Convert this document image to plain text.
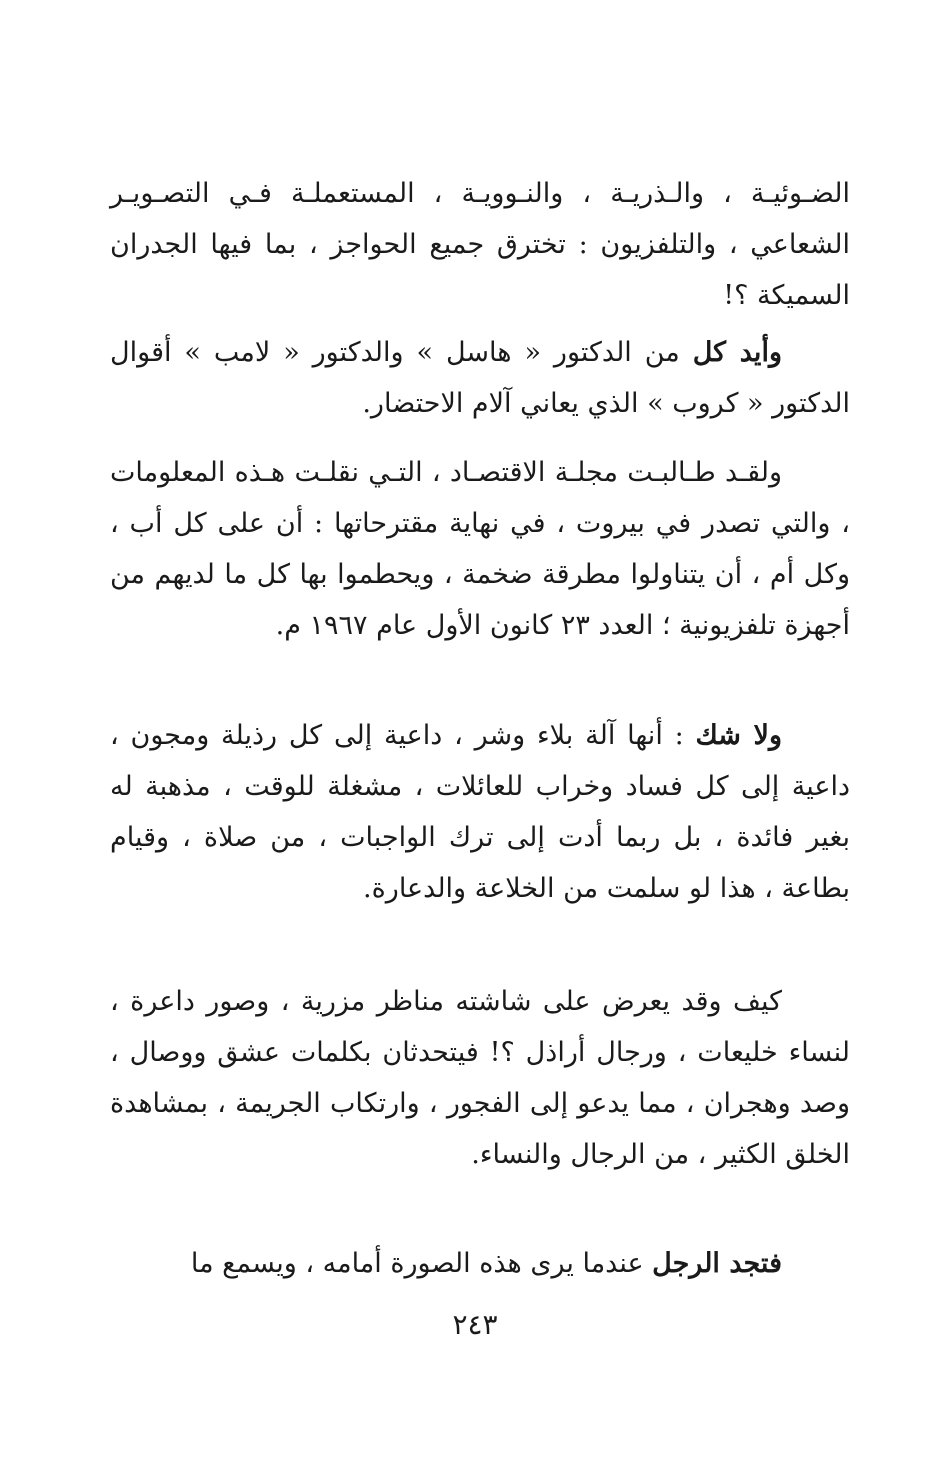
الضـوئيـة ، والـذريـة ، والنـوويـة ، المستعملـة فـي التصـويـر الشعاعي ، والتلفزيون : تخترق جميع الحواجز ، بما فيها الجدران السميكة ؟!

وأيد كل من الدكتور « هاسل » والدكتور « لامب » أقوال الدكتور « كروب » الذي يعاني آلام الاحتضار.

ولقـد طـالبـت مجلـة الاقتصـاد ، التـي نقلـت هـذه المعلومات ، والتي تصدر في بيروت ، في نهاية مقترحاتها : أن على كل أب ، وكل أم ، أن يتناولوا مطرقة ضخمة ، ويحطموا بها كل ما لديهم من أجهزة تلفزيونية ؛ العدد ٢٣ كانون الأول عام ١٩٦٧ م.

ولا شك : أنها آلة بلاء وشر ، داعية إلى كل رذيلة ومجون ، داعية إلى كل فساد وخراب للعائلات ، مشغلة للوقت ، مذهبة له بغير فائدة ، بل ربما أدت إلى ترك الواجبات ، من صلاة ، وقيام بطاعة ، هذا لو سلمت من الخلاعة والدعارة.

كيف وقد يعرض على شاشته مناظر مزرية ، وصور داعرة ، لنساء خليعات ، ورجال أراذل ؟! فيتحدثان بكلمات عشق ووصال ، وصد وهجران ، مما يدعو إلى الفجور ، وارتكاب الجريمة ، بمشاهدة الخلق الكثير ، من الرجال والنساء.

فتجد الرجل عندما يرى هذه الصورة أمامه ، ويسمع ما

٢٤٣
